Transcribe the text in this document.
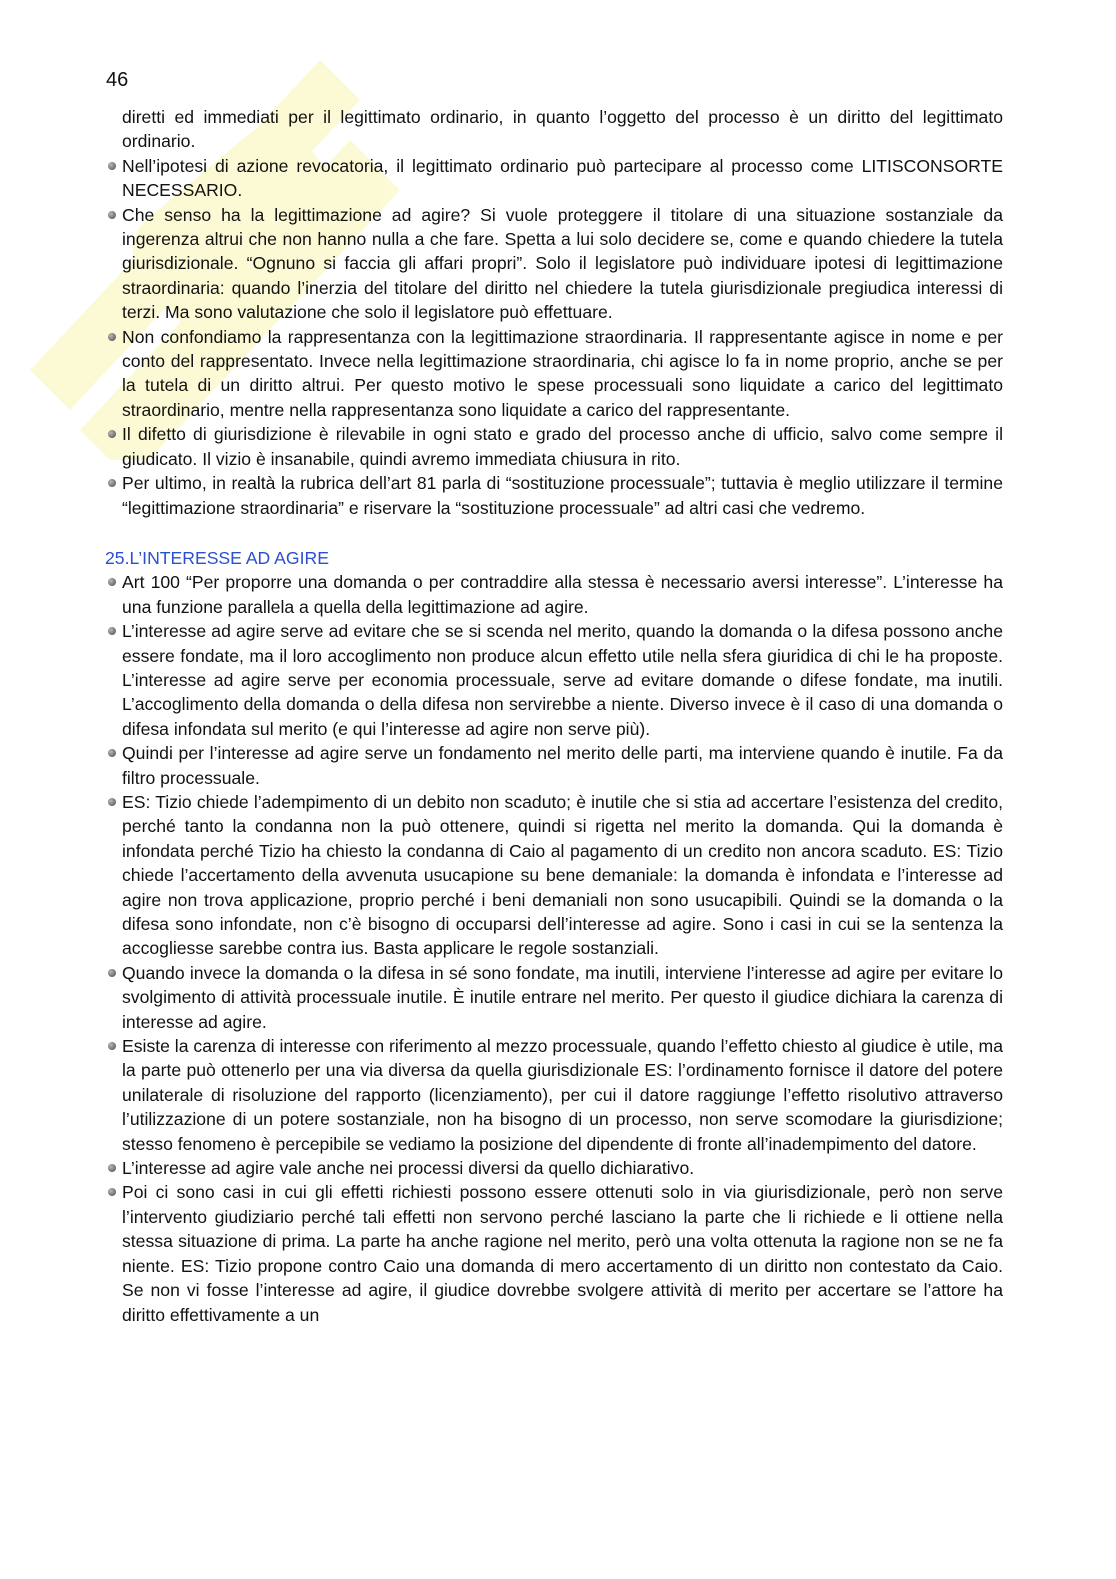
46

diretti ed immediati per il legittimato ordinario, in quanto l’oggetto del processo è un diritto del legittimato ordinario.

Nell’ipotesi di azione revocatoria, il legittimato ordinario può partecipare al processo come LITISCONSORTE NECESSARIO.

Che senso ha la legittimazione ad agire? Si vuole proteggere il titolare di una situazione sostanziale da ingerenza altrui che non hanno nulla a che fare. Spetta a lui solo decidere se, come e quando chiedere la tutela giurisdizionale. “Ognuno si faccia gli affari propri”. Solo il legislatore può individuare ipotesi di legittimazione straordinaria: quando l’inerzia del titolare del diritto nel chiedere la tutela giurisdizionale pregiudica interessi di terzi. Ma sono valutazione che solo il legislatore può effettuare.

Non confondiamo la rappresentanza con la legittimazione straordinaria. Il rappresentante agisce in nome e per conto del rappresentato. Invece nella legittimazione straordinaria, chi agisce lo fa in nome proprio, anche se per la tutela di un diritto altrui. Per questo motivo le spese processuali sono liquidate a carico del legittimato straordinario, mentre nella rappresentanza sono liquidate a carico del rappresentante.

Il difetto di giurisdizione è rilevabile in ogni stato e grado del processo anche di ufficio, salvo come sempre il giudicato. Il vizio è insanabile, quindi avremo immediata chiusura in rito.

Per ultimo, in realtà la rubrica dell’art 81 parla di “sostituzione processuale”; tuttavia è meglio utilizzare il termine “legittimazione straordinaria” e riservare la “sostituzione processuale” ad altri casi che vedremo.

25.L’INTERESSE AD AGIRE

Art 100 “Per proporre una domanda o per contraddire alla stessa è necessario aversi interesse”. L’interesse ha una funzione parallela a quella della legittimazione ad agire.

L’interesse ad agire serve ad evitare che se si scenda nel merito, quando la domanda o la difesa possono anche essere fondate, ma il loro accoglimento non produce alcun effetto utile nella sfera giuridica di chi le ha proposte. L’interesse ad agire serve per economia processuale, serve ad evitare domande o difese fondate, ma inutili. L’accoglimento della domanda o della difesa non servirebbe a niente. Diverso invece è il caso di una domanda o difesa infondata sul merito (e qui l’interesse ad agire non serve più).

Quindi per l’interesse ad agire serve un fondamento nel merito delle parti, ma interviene quando è inutile. Fa da filtro processuale.

ES: Tizio chiede l’adempimento di un debito non scaduto; è inutile che si stia ad accertare l’esistenza del credito, perché tanto la condanna non la può ottenere, quindi si rigetta nel merito la domanda. Qui la domanda è infondata perché Tizio ha chiesto la condanna di Caio al pagamento di un credito non ancora scaduto. ES: Tizio chiede l’accertamento della avvenuta usucapione su bene demaniale: la domanda è infondata e l’interesse ad agire non trova applicazione, proprio perché i beni demaniali non sono usucapibili. Quindi se la domanda o la difesa sono infondate, non c’è bisogno di occuparsi dell’interesse ad agire. Sono i casi in cui se la sentenza la accogliesse sarebbe contra ius. Basta applicare le regole sostanziali.

Quando invece la domanda o la difesa in sé sono fondate, ma inutili, interviene l’interesse ad agire per evitare lo svolgimento di attività processuale inutile. È inutile entrare nel merito. Per questo il giudice dichiara la carenza di interesse ad agire.

Esiste la carenza di interesse con riferimento al mezzo processuale, quando l’effetto chiesto al giudice è utile, ma la parte può ottenerlo per una via diversa da quella giurisdizionale ES: l’ordinamento fornisce il datore del potere unilaterale di risoluzione del rapporto (licenziamento), per cui il datore raggiunge l’effetto risolutivo attraverso l’utilizzazione di un potere sostanziale, non ha bisogno di un processo, non serve scomodare la giurisdizione; stesso fenomeno è percepibile se vediamo la posizione del dipendente di fronte all’inadempimento del datore.

L’interesse ad agire vale anche nei processi diversi da quello dichiarativo.

Poi ci sono casi in cui gli effetti richiesti possono essere ottenuti solo in via giurisdizionale, però non serve l’intervento giudiziario perché tali effetti non servono perché lasciano la parte che li richiede e li ottiene nella stessa situazione di prima. La parte ha anche ragione nel merito, però una volta ottenuta la ragione non se ne fa niente. ES: Tizio propone contro Caio una domanda di mero accertamento di un diritto non contestato da Caio. Se non vi fosse l’interesse ad agire, il giudice dovrebbe svolgere attività di merito per accertare se l’attore ha diritto effettivamente a un
